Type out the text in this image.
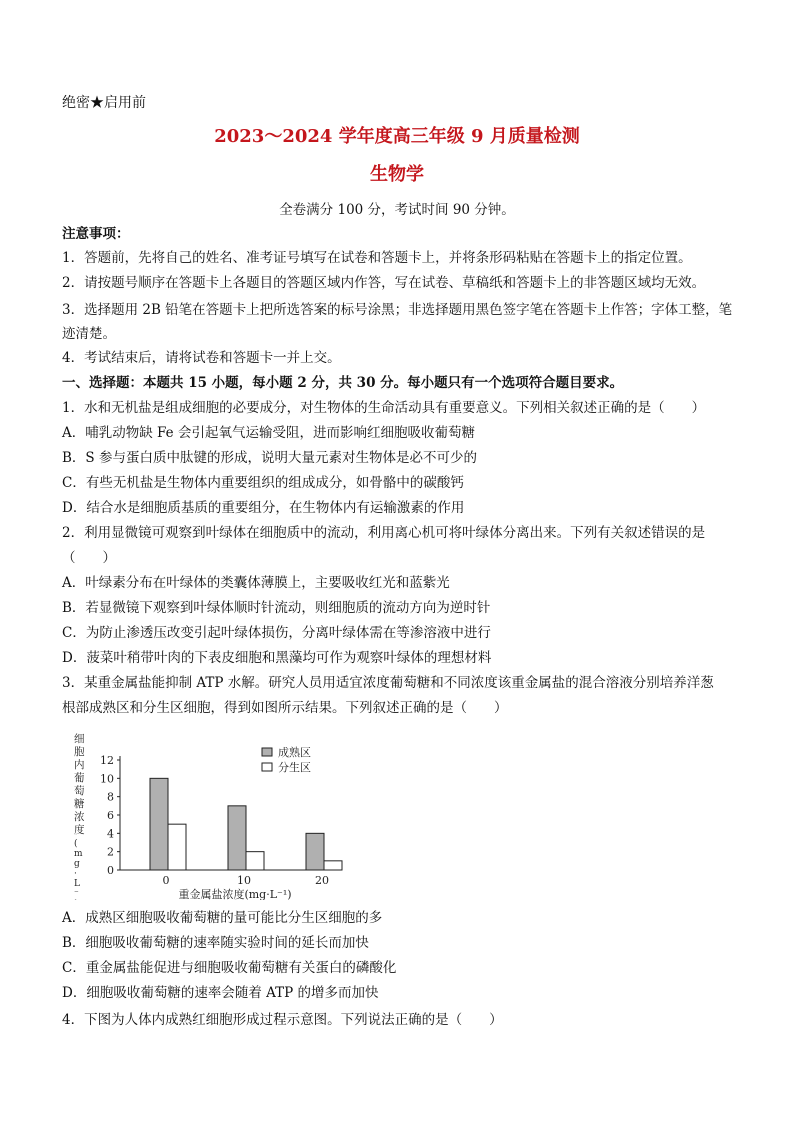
绝密★启用前
2023～2024 学年度高三年级 9 月质量检测
生物学
全卷满分 100 分，考试时间 90 分钟。
注意事项：
1．答题前，先将自己的姓名、准考证号填写在试卷和答题卡上，并将条形码粘贴在答题卡上的指定位置。
2．请按题号顺序在答题卡上各题目的答题区域内作答，写在试卷、草稿纸和答题卡上的非答题区域均无效。
3．选择题用 2B 铅笔在答题卡上把所选答案的标号涂黑；非选择题用黑色签字笔在答题卡上作答；字体工整，笔迹清楚。
4．考试结束后，请将试卷和答题卡一并上交。
一、选择题：本题共 15 小题，每小题 2 分，共 30 分。每小题只有一个选项符合题目要求。
1．水和无机盐是组成细胞的必要成分，对生物体的生命活动具有重要意义。下列相关叙述正确的是（　　）
A．哺乳动物缺 Fe 会引起氧气运输受阻，进而影响红细胞吸收葡萄糖
B．S 参与蛋白质中肽键的形成，说明大量元素对生物体是必不可少的
C．有些无机盐是生物体内重要组织的组成成分，如骨骼中的碳酸钙
D．结合水是细胞质基质的重要组分，在生物体内有运输激素的作用
2．利用显微镜可观察到叶绿体在细胞质中的流动，利用离心机可将叶绿体分离出来。下列有关叙述错误的是
（　　）
A．叶绿素分布在叶绿体的类囊体薄膜上，主要吸收红光和蓝紫光
B．若显微镜下观察到叶绿体顺时针流动，则细胞质的流动方向为逆时针
C．为防止渗透压改变引起叶绿体损伤，分离叶绿体需在等渗溶液中进行
D．菠菜叶稍带叶肉的下表皮细胞和黑藻均可作为观察叶绿体的理想材料
3．某重金属盐能抑制 ATP 水解。研究人员用适宜浓度葡萄糖和不同浓度该重金属盐的混合溶液分别培养洋葱
根部成熟区和分生区细胞，得到如图所示结果。下列叙述正确的是（　　）
细胞内葡萄糖浓度( m g · L ⁻
0
2
4
6
8
10
12
0	10	20
成熟区
分生区
重金属盐浓度(mg·L⁻¹)
A．成熟区细胞吸收葡萄糖的量可能比分生区细胞的多
B．细胞吸收葡萄糖的速率随实验时间的延长而加快
C．重金属盐能促进与细胞吸收葡萄糖有关蛋白的磷酸化
D．细胞吸收葡萄糖的速率会随着 ATP 的增多而加快
4．下图为人体内成熟红细胞形成过程示意图。下列说法正确的是（　　）
